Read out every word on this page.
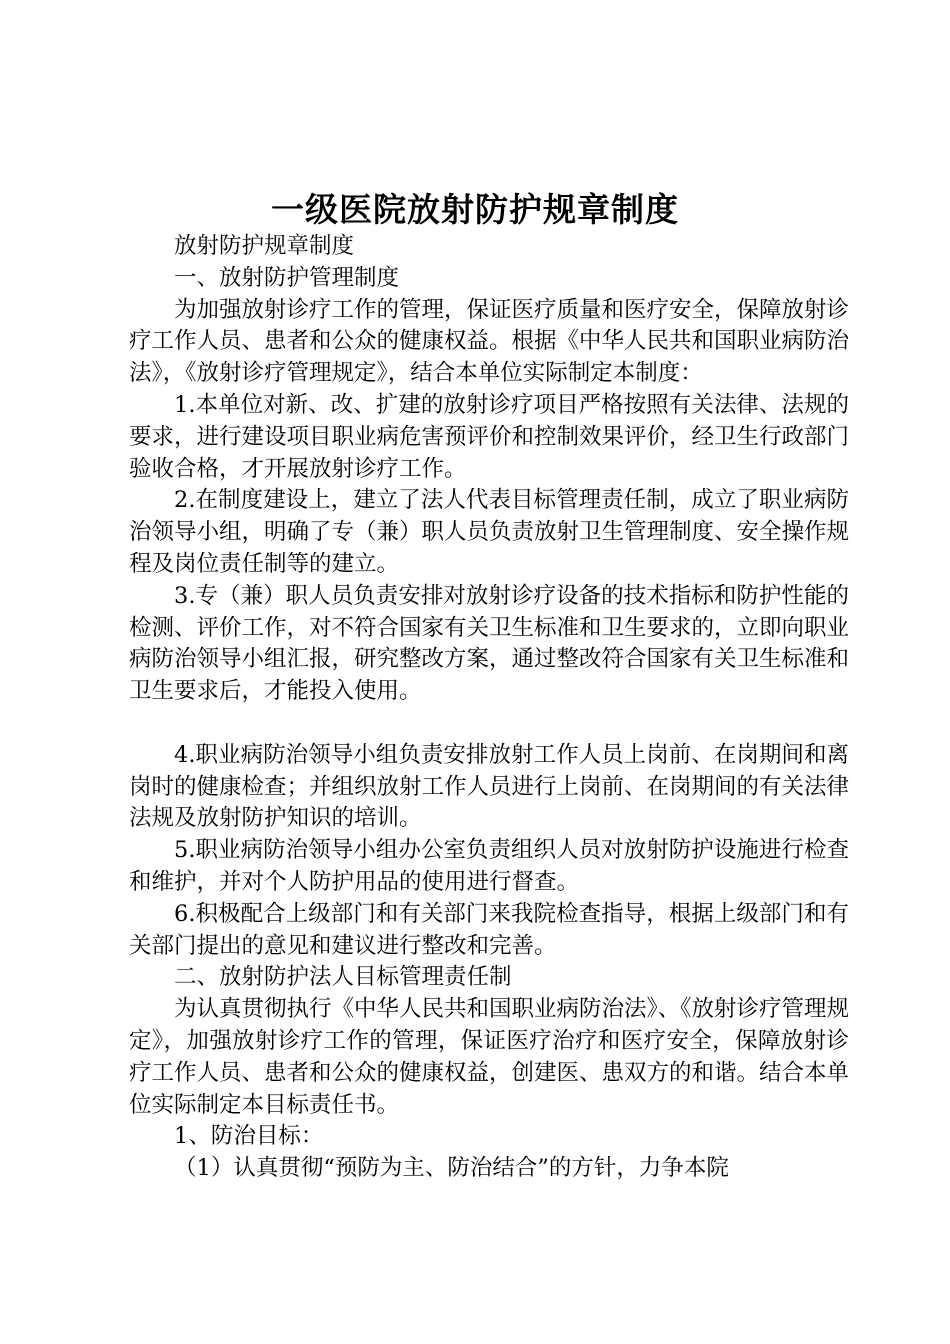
一级医院放射防护规章制度

放射防护规章制度

一、放射防护管理制度

为加强放射诊疗工作的管理，保证医疗质量和医疗安全，保障放射诊疗工作人员、患者和公众的健康权益。根据《中华人民共和国职业病防治法》，《放射诊疗管理规定》，结合本单位实际制定本制度：

1.本单位对新、改、扩建的放射诊疗项目严格按照有关法律、法规的要求，进行建设项目职业病危害预评价和控制效果评价，经卫生行政部门验收合格，才开展放射诊疗工作。

2.在制度建设上，建立了法人代表目标管理责任制，成立了职业病防治领导小组，明确了专（兼）职人员负责放射卫生管理制度、安全操作规程及岗位责任制等的建立。

3.专（兼）职人员负责安排对放射诊疗设备的技术指标和防护性能的检测、评价工作，对不符合国家有关卫生标准和卫生要求的，立即向职业病防治领导小组汇报，研究整改方案，通过整改符合国家有关卫生标准和卫生要求后，才能投入使用。

4.职业病防治领导小组负责安排放射工作人员上岗前、在岗期间和离岗时的健康检查；并组织放射工作人员进行上岗前、在岗期间的有关法律法规及放射防护知识的培训。

5.职业病防治领导小组办公室负责组织人员对放射防护设施进行检查和维护，并对个人防护用品的使用进行督查。

6.积极配合上级部门和有关部门来我院检查指导，根据上级部门和有关部门提出的意见和建议进行整改和完善。

二、放射防护法人目标管理责任制

为认真贯彻执行《中华人民共和国职业病防治法》、《放射诊疗管理规定》，加强放射诊疗工作的管理，保证医疗治疗和医疗安全，保障放射诊疗工作人员、患者和公众的健康权益，创建医、患双方的和谐。结合本单位实际制定本目标责任书。

1、防治目标：

（1）认真贯彻“预防为主、防治结合”的方针，力争本院
